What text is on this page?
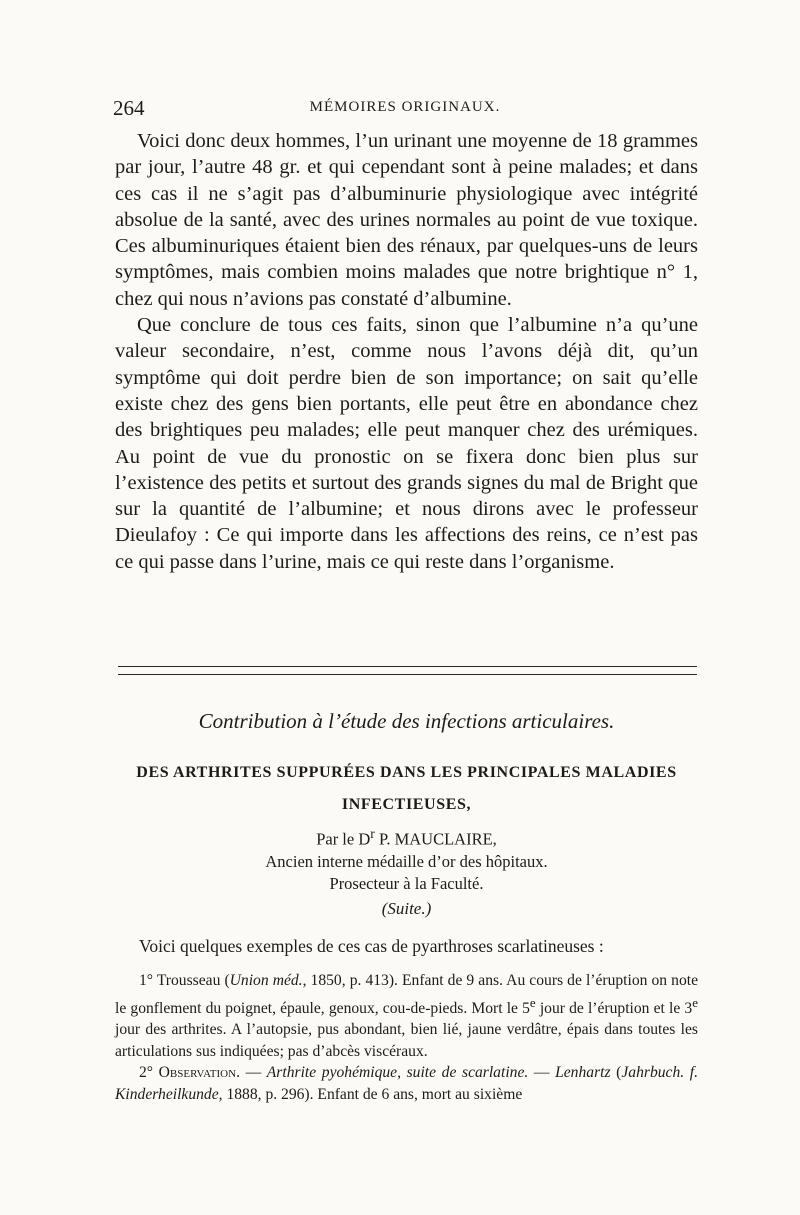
264	MÉMOIRES ORIGINAUX.

Voici donc deux hommes, l’un urinant une moyenne de 18 grammes par jour, l’autre 48 gr. et qui cependant sont à peine malades; et dans ces cas il ne s’agit pas d’albuminurie physiologique avec intégrité absolue de la santé, avec des urines normales au point de vue toxique. Ces albuminuriques étaient bien des rénaux, par quelques-uns de leurs symptômes, mais combien moins malades que notre brightique n° 1, chez qui nous n’avions pas constaté d’albumine.

Que conclure de tous ces faits, sinon que l’albumine n’a qu’une valeur secondaire, n’est, comme nous l’avons déjà dit, qu’un symptôme qui doit perdre bien de son importance; on sait qu’elle existe chez des gens bien portants, elle peut être en abondance chez des brightiques peu malades; elle peut manquer chez des urémiques. Au point de vue du pronostic on se fixera donc bien plus sur l’existence des petits et surtout des grands signes du mal de Bright que sur la quantité de l’albumine; et nous dirons avec le professeur Dieulafoy : Ce qui importe dans les affections des reins, ce n’est pas ce qui passe dans l’urine, mais ce qui reste dans l’organisme.

Contribution à l’étude des infections articulaires.
DES ARTHRITES SUPPURÉES DANS LES PRINCIPALES MALADIES
INFECTIEUSES,
Par le $D^r$ P. MAUCLAIRE,
Ancien interne médaille d’or des hôpitaux.
Prosecteur à la Faculté.
(Suite.)

Voici quelques exemples de ces cas de pyarthroses scarlatineuses :

1° Trousseau (Union méd., 1850, p. 413). Enfant de 9 ans. Au cours de l’éruption on note le gonflement du poignet, épaule, genoux, cou-de-pieds. Mort le 5e jour de l’éruption et le 3e jour des arthrites. A l’autopsie, pus abondant, bien lié, jaune verdâtre, épais dans toutes les articulations sus indiquées; pas d’abcès viscéraux.

2° Observation. — Arthrite pyohémique, suite de scarlatine. — Lenhartz (Jahrbuch. f. Kinderheilkunde, 1888, p. 296). Enfant de 6 ans, mort au sixième
